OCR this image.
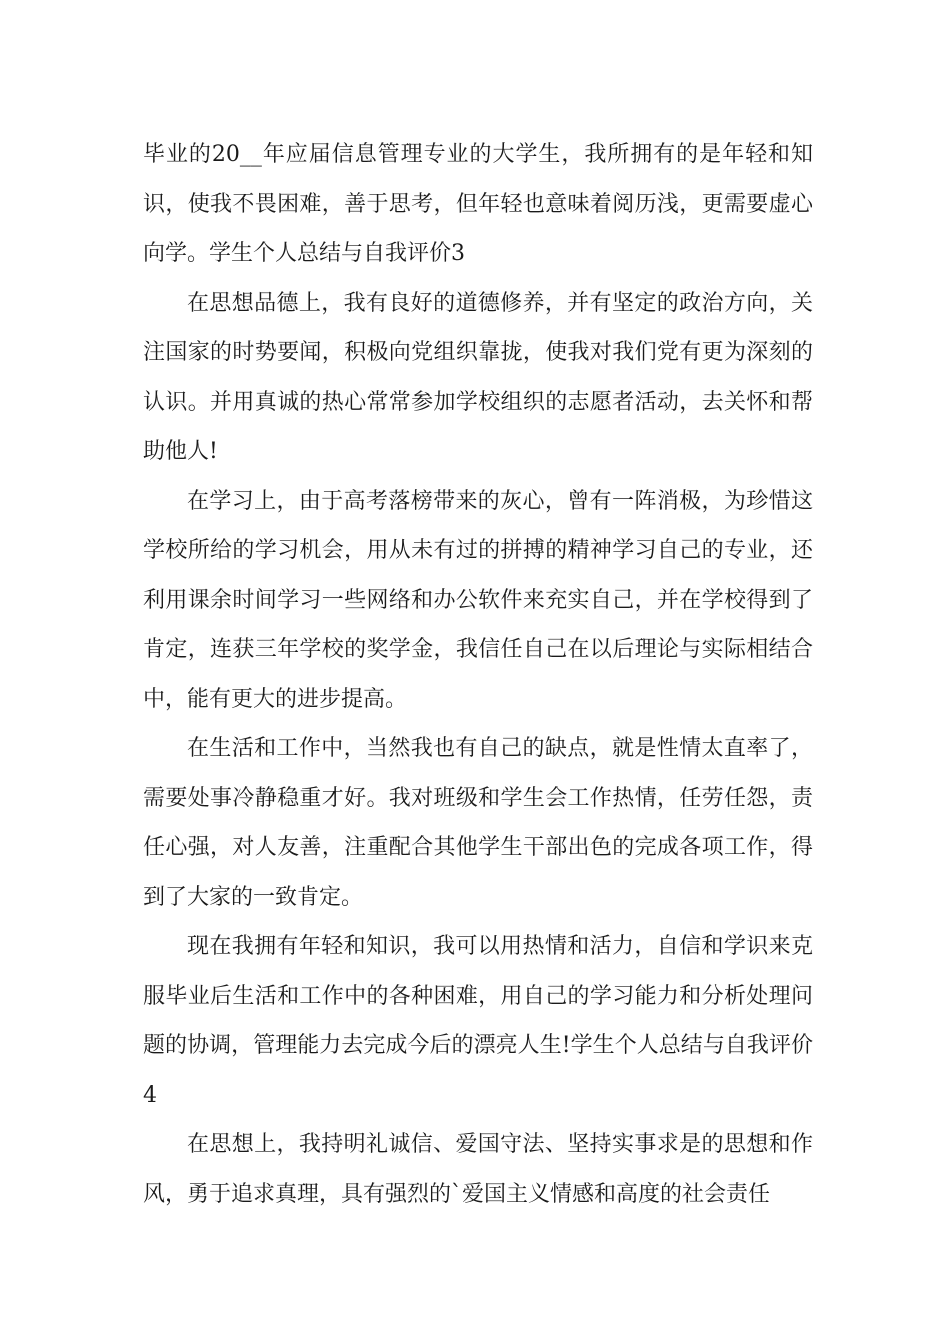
毕业的20__年应届信息管理专业的大学生，我所拥有的是年轻和知识，使我不畏困难，善于思考，但年轻也意味着阅历浅，更需要虚心向学。学生个人总结与自我评价3

在思想品德上，我有良好的道德修养，并有坚定的政治方向，关注国家的时势要闻，积极向党组织靠拢，使我对我们党有更为深刻的认识。并用真诚的热心常常参加学校组织的志愿者活动，去关怀和帮助他人!

在学习上，由于高考落榜带来的灰心，曾有一阵消极，为珍惜这学校所给的学习机会，用从未有过的拼搏的精神学习自己的专业，还利用课余时间学习一些网络和办公软件来充实自己，并在学校得到了肯定，连获三年学校的奖学金，我信任自己在以后理论与实际相结合中，能有更大的进步提高。

在生活和工作中，当然我也有自己的缺点，就是性情太直率了，需要处事冷静稳重才好。我对班级和学生会工作热情，任劳任怨，责任心强，对人友善，注重配合其他学生干部出色的完成各项工作，得到了大家的一致肯定。

现在我拥有年轻和知识，我可以用热情和活力，自信和学识来克服毕业后生活和工作中的各种困难，用自己的学习能力和分析处理问题的协调，管理能力去完成今后的漂亮人生!学生个人总结与自我评价4

在思想上，我持明礼诚信、爱国守法、坚持实事求是的思想和作风，勇于追求真理，具有强烈的`爱国主义情感和高度的社会责任
